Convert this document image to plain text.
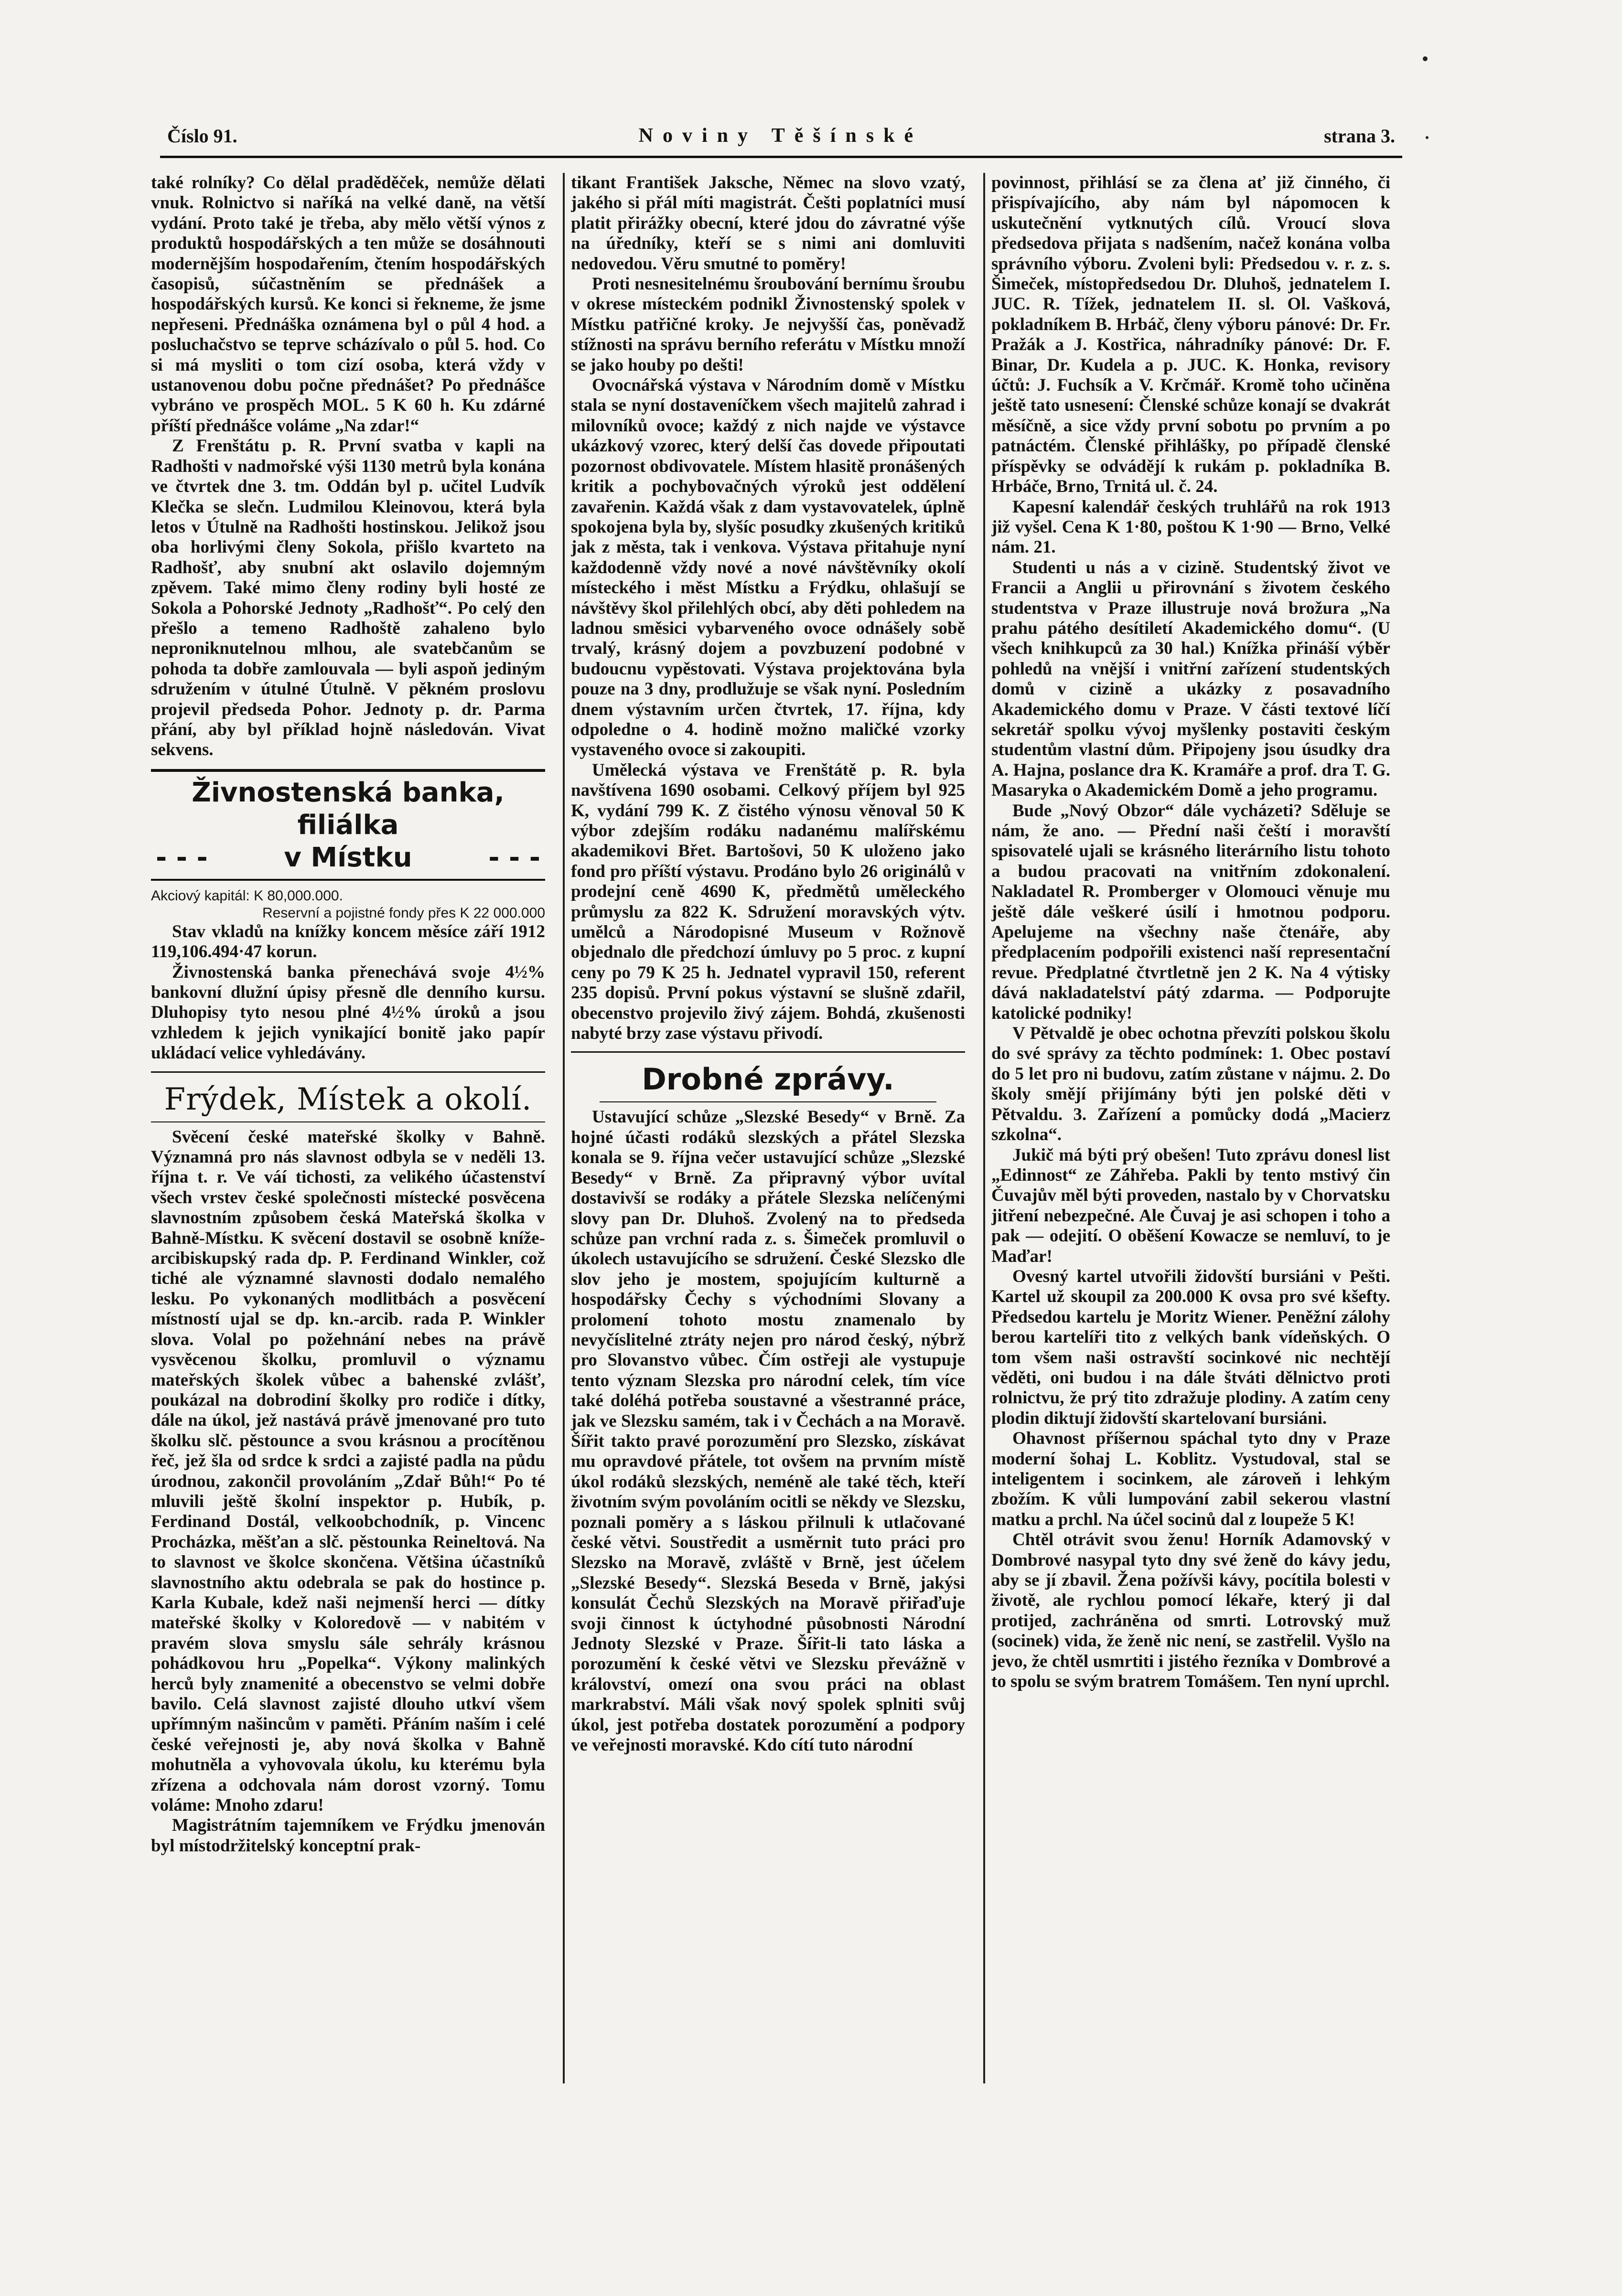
Číslo 91.	Noviny Těšínské	strana 3.

také rolníky? Co dělal praděděček, nemůže dělati vnuk. Rolnictvo si naříká na velké daně, na větší vydání. Proto také je třeba, aby mělo větší výnos z produktů hospodářských a ten může se dosáhnouti modernějším hospodařením, čtením hospodářských časopisů, súčastněním se přednášek a hospodářských kursů. Ke konci si řekneme, že jsme nepřeseni. Přednáška oznámena byl o půl 4 hod. a posluchačstvo se teprve scházívalo o půl 5. hod. Co si má mysliti o tom cizí osoba, která vždy v ustanovenou dobu počne přednášet? Po přednášce vybráno ve prospěch MOL. 5 K 60 h. Ku zdárné příští přednášce voláme „Na zdar!“

Z Frenštátu p. R. První svatba v kapli na Radhošti v nadmořské výši 1130 metrů byla konána ve čtvrtek dne 3. tm. Oddán byl p. učitel Ludvík Klečka se slečn. Ludmilou Kleinovou, která byla letos v Útulně na Radhošti hostinskou. Jelikož jsou oba horlivými členy Sokola, přišlo kvarteto na Radhošť, aby snubní akt oslavilo dojemným zpěvem. Také mimo členy rodiny byli hosté ze Sokola a Pohorské Jednoty „Radhošť“. Po celý den přešlo a temeno Radhoště zahaleno bylo neproniknutelnou mlhou, ale svatebčanům se pohoda ta dobře zamlouvala — byli aspoň jediným sdružením v útulné Útulně. V pěkném proslovu projevil předseda Pohor. Jednoty p. dr. Parma přání, aby byl příklad hojně následován. Vivat sekvens.

Živnostenská banka, filiálka
- - -	v Místku	- - -
Akciový kapitál: K 80,000.000.
Reservní a pojistné fondy přes K 22 000.000

Stav vkladů na knížky koncem měsíce září 1912 119,106.494·47 korun.

Živnostenská banka přenechává svoje 4½% bankovní dlužní úpisy přesně dle denního kursu. Dluhopisy tyto nesou plné 4½% úroků a jsou vzhledem k jejich vynikající bonitě jako papír ukládací velice vyhledávány.

Frýdek, Místek a okolí.

Svěcení české mateřské školky v Bahně. Významná pro nás slavnost odbyla se v neděli 13. října t. r. Ve váí tichosti, za velikého účastenství všech vrstev české společnosti místecké posvěcena slavnostním způsobem česká Mateřská školka v Bahně-Místku. K svěcení dostavil se osobně kníže-arcibiskupský rada dp. P. Ferdinand Winkler, což tiché ale významné slavnosti dodalo nemalého lesku. Po vykonaných modlitbách a posvěcení místností ujal se dp. kn.-arcib. rada P. Winkler slova. Volal po požehnání nebes na právě vysvěcenou školku, promluvil o významu mateřských školek vůbec a bahenské zvlášť, poukázal na dobrodiní školky pro rodiče i dítky, dále na úkol, jež nastává právě jmenované pro tuto školku slč. pěstounce a svou krásnou a procítěnou řeč, jež šla od srdce k srdci a zajisté padla na půdu úrodnou, zakončil provoláním „Zdař Bůh!“ Po té mluvili ještě školní inspektor p. Hubík, p. Ferdinand Dostál, velkoobchodník, p. Vincenc Procházka, měšťan a slč. pěstounka Reineltová. Na to slavnost ve školce skončena. Většina účastníků slavnostního aktu odebrala se pak do hostince p. Karla Kubale, kdež naši nejmenší herci — dítky mateřské školky v Koloredově — v nabitém v pravém slova smyslu sále sehrály krásnou pohádkovou hru „Popelka“. Výkony malinkých herců byly znamenité a obecenstvo se velmi dobře bavilo. Celá slavnost zajisté dlouho utkví všem upřímným našincům v paměti. Přáním naším i celé české veřejnosti je, aby nová školka v Bahně mohutněla a vyhovovala úkolu, ku kterému byla zřízena a odchovala nám dorost vzorný. Tomu voláme: Mnoho zdaru!

Magistrátním tajemníkem ve Frýdku jmenován byl místodržitelský konceptní prak-

tikant František Jaksche, Němec na slovo vzatý, jakého si přál míti magistrát. Češti poplatníci musí platit přirážky obecní, které jdou do závratné výše na úředníky, kteří se s nimi ani domluviti nedovedou. Věru smutné to poměry!

Proti nesnesitelnému šroubování bernímu šroubu v okrese místeckém podnikl Živnostenský spolek v Místku patřičné kroky. Je nejvyšší čas, poněvadž stížnosti na správu berního referátu v Místku množí se jako houby po dešti!

Ovocnářská výstava v Národním domě v Místku stala se nyní dostaveníčkem všech majitelů zahrad i milovníků ovoce; každý z nich najde ve výstavce ukázkový vzorec, který delší čas dovede připoutati pozornost obdivovatele. Místem hlasitě pronášených kritik a pochybovačných výroků jest oddělení zavařenin. Každá však z dam vystavovatelek, úplně spokojena byla by, slyšíc posudky zkušených kritiků jak z města, tak i venkova. Výstava přitahuje nyní každodenně vždy nové a nové návštěvníky okolí místeckého i měst Místku a Frýdku, ohlašují se návštěvy škol přilehlých obcí, aby děti pohledem na ladnou směsici vybarveného ovoce odnášely sobě trvalý, krásný dojem a povzbuzení podobné v budoucnu vypěstovati. Výstava projektována byla pouze na 3 dny, prodlužuje se však nyní. Posledním dnem výstavním určen čtvrtek, 17. října, kdy odpoledne o 4. hodině možno maličké vzorky vystaveného ovoce si zakoupiti.

Umělecká výstava ve Frenštátě p. R. byla navštívena 1690 osobami. Celkový příjem byl 925 K, vydání 799 K. Z čistého výnosu věnoval 50 K výbor zdejším rodáku nadanému malířskému akademikovi Břet. Bartošovi, 50 K uloženo jako fond pro příští výstavu. Prodáno bylo 26 originálů v prodejní ceně 4690 K, předmětů uměleckého průmyslu za 822 K. Sdružení moravských výtv. umělců a Národopisné Museum v Rožnově objednalo dle předchozí úmluvy po 5 proc. z kupní ceny po 79 K 25 h. Jednatel vypravil 150, referent 235 dopisů. První pokus výstavní se slušně zdařil, obecenstvo projevilo živý zájem. Bohdá, zkušenosti nabyté brzy zase výstavu přivodí.

Drobné zprávy.

Ustavující schůze „Slezské Besedy“ v Brně. Za hojné účasti rodáků slezských a přátel Slezska konala se 9. října večer ustavující schůze „Slezské Besedy“ v Brně. Za připravný výbor uvítal dostavivší se rodáky a přátele Slezska nelíčenými slovy pan Dr. Dluhoš. Zvolený na to předseda schůze pan vrchní rada z. s. Šimeček promluvil o úkolech ustavujícího se sdružení. České Slezsko dle slov jeho je mostem, spojujícím kulturně a hospodářsky Čechy s východními Slovany a prolomení tohoto mostu znamenalo by nevyčíslitelné ztráty nejen pro národ český, nýbrž pro Slovanstvo vůbec. Čím ostřeji ale vystupuje tento význam Slezska pro národní celek, tím více také doléhá potřeba soustavné a všestranné práce, jak ve Slezsku samém, tak i v Čechách a na Moravě. Šířit takto pravé porozumění pro Slezsko, získávat mu opravdové přátele, tot ovšem na prvním místě úkol rodáků slezských, neméně ale také těch, kteří životním svým povoláním ocitli se někdy ve Slezsku, poznali poměry a s láskou přilnuli k utlačované české větvi. Soustředit a usměrnit tuto práci pro Slezsko na Moravě, zvláště v Brně, jest účelem „Slezské Besedy“. Slezská Beseda v Brně, jakýsi konsulát Čechů Slezských na Moravě přiřaďuje svoji činnost k úctyhodné působnosti Národní Jednoty Slezské v Praze. Šířit-li tato láska a porozumění k české větvi ve Slezsku převážně v království, omezí ona svou práci na oblast markrabství. Máli však nový spolek splniti svůj úkol, jest potřeba dostatek porozumění a podpory ve veřejnosti moravské. Kdo cítí tuto národní

povinnost, přihlásí se za člena ať již činného, či přispívajícího, aby nám byl nápomocen k uskutečnění vytknutých cílů. Vroucí slova předsedova přijata s nadšením, načež konána volba správního výboru. Zvoleni byli: Předsedou v. r. z. s. Šimeček, místopředsedou Dr. Dluhoš, jednatelem I. JUC. R. Tížek, jednatelem II. sl. Ol. Vašková, pokladníkem B. Hrbáč, členy výboru pánové: Dr. Fr. Pražák a J. Kostřica, náhradníky pánové: Dr. F. Binar, Dr. Kudela a p. JUC. K. Honka, revisory účtů: J. Fuchsík a V. Krčmář. Kromě toho učiněna ještě tato usnesení: Členské schůze konají se dvakrát měsíčně, a sice vždy první sobotu po prvním a po patnáctém. Členské přihlášky, po případě členské příspěvky se odvádějí k rukám p. pokladníka B. Hrbáče, Brno, Trnitá ul. č. 24.

Kapesní kalendář českých truhlářů na rok 1913 již vyšel. Cena K 1·80, poštou K 1·90 — Brno, Velké nám. 21.

Studenti u nás a v cizině. Studentský život ve Francii a Anglii u přirovnání s životem českého studentstva v Praze illustruje nová brožura „Na prahu pátého desítiletí Akademického domu“. (U všech knihkupců za 30 hal.) Knížka přináší výběr pohledů na vnější i vnitřní zařízení studentských domů v cizině a ukázky z posavadního Akademického domu v Praze. V části textové líčí sekretář spolku vývoj myšlenky postaviti českým studentům vlastní dům. Připojeny jsou úsudky dra A. Hajna, poslance dra K. Kramáře a prof. dra T. G. Masaryka o Akademickém Domě a jeho programu.

Bude „Nový Obzor“ dále vycházeti? Sděluje se nám, že ano. — Přední naši čeští i moravští spisovatelé ujali se krásného literárního listu tohoto a budou pracovati na vnitřním zdokonalení. Nakladatel R. Promberger v Olomouci věnuje mu ještě dále veškeré úsilí i hmotnou podporu. Apelujeme na všechny naše čtenáře, aby předplacením podpořili existenci naší representační revue. Předplatné čtvrtletně jen 2 K. Na 4 výtisky dává nakladatelství pátý zdarma. — Podporujte katolické podniky!

V Pětvaldě je obec ochotna převzíti polskou školu do své správy za těchto podmínek: 1. Obec postaví do 5 let pro ni budovu, zatím zůstane v nájmu. 2. Do školy smějí přijímány býti jen polské děti v Pětvaldu. 3. Zařízení a pomůcky dodá „Macierz szkolna“.

Jukič má býti prý obešen! Tuto zprávu donesl list „Edinnost“ ze Záhřeba. Pakli by tento mstivý čin Čuvajův měl býti proveden, nastalo by v Chorvatsku jitření nebezpečné. Ale Čuvaj je asi schopen i toho a pak — odejití. O oběšení Kowacze se nemluví, to je Maďar!

Ovesný kartel utvořili židovští bursiáni v Pešti. Kartel už skoupil za 200.000 K ovsa pro své kšefty. Předsedou kartelu je Moritz Wiener. Peněžní zálohy berou kartelíři tito z velkých bank vídeňských. O tom všem naši ostravští socinkové nic nechtějí věděti, oni budou i na dále štváti dělnictvo proti rolnictvu, že prý tito zdražuje plodiny. A zatím ceny plodin diktují židovští skartelovaní bursiáni.

Ohavnost příšernou spáchal tyto dny v Praze moderní šohaj L. Koblitz. Vystudoval, stal se inteligentem i socinkem, ale zároveň i lehkým zbožím. K vůli lumpování zabil sekerou vlastní matku a prchl. Na účel socinů dal z loupeže 5 K!

Chtěl otrávit svou ženu! Horník Adamovský v Dombrové nasypal tyto dny své ženě do kávy jedu, aby se jí zbavil. Žena požívši kávy, pocítila bolesti v životě, ale rychlou pomocí lékaře, který ji dal protijed, zachráněna od smrti. Lotrovský muž (socinek) vida, že ženě nic není, se zastřelil. Vyšlo na jevo, že chtěl usmrtiti i jistého řezníka v Dombrové a to spolu se svým bratrem Tomášem. Ten nyní uprchl.
